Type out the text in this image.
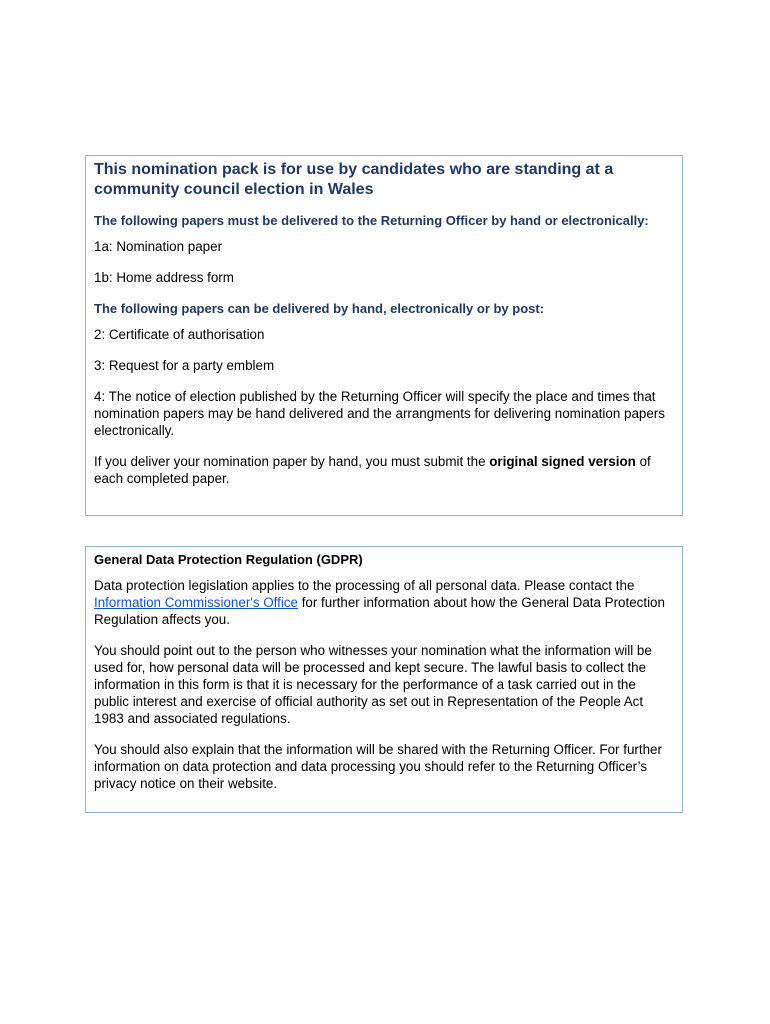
This nomination pack is for use by candidates who are standing at a community council election in Wales
The following papers must be delivered to the Returning Officer by hand or electronically:
1a: Nomination paper
1b: Home address form
The following papers can be delivered by hand, electronically or by post:
2: Certificate of authorisation
3: Request for a party emblem
4: The notice of election published by the Returning Officer will specify the place and times that nomination papers may be hand delivered and the arrangments for delivering nomination papers electronically.
If you deliver your nomination paper by hand, you must submit the original signed version of each completed paper.
General Data Protection Regulation (GDPR)
Data protection legislation applies to the processing of all personal data. Please contact the Information Commissioner's Office for further information about how the General Data Protection Regulation affects you.
You should point out to the person who witnesses your nomination what the information will be used for, how personal data will be processed and kept secure. The lawful basis to collect the information in this form is that it is necessary for the performance of a task carried out in the public interest and exercise of official authority as set out in Representation of the People Act 1983 and associated regulations.
You should also explain that the information will be shared with the Returning Officer. For further information on data protection and data processing you should refer to the Returning Officer’s privacy notice on their website.
